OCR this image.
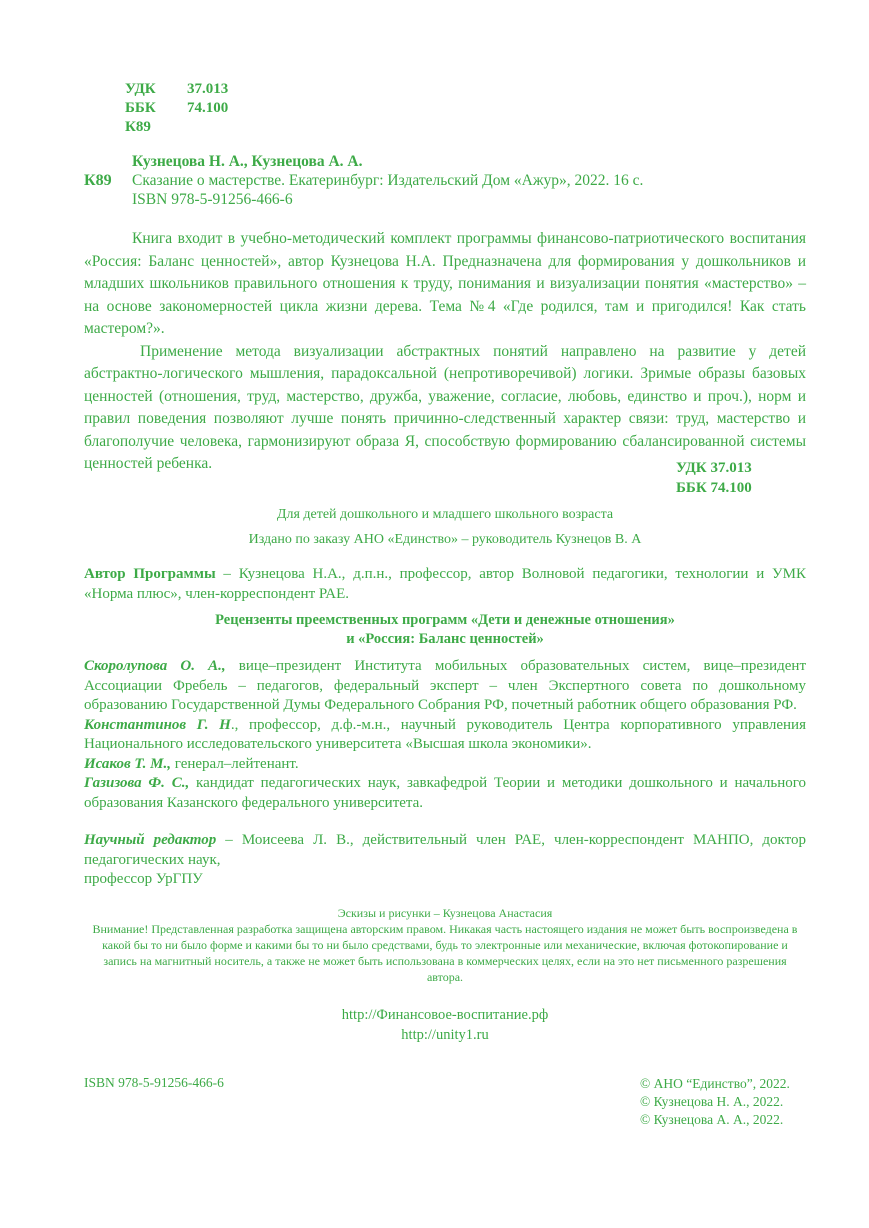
УДК	37.013
ББК	74.100
К89
Кузнецова Н. А., Кузнецова А. А.
К89 Сказание о мастерстве. Екатеринбург: Издательский Дом «Ажур», 2022. 16 с.
ISBN 978-5-91256-466-6

Книга входит в учебно-методический комплект программы финансово-патриотического воспитания «Россия: Баланс ценностей», автор Кузнецова Н.А. Предназначена для формирования у дошкольников и младших школьников правильного отношения к труду, понимания и визуализации понятия «мастерство» – на основе закономерностей цикла жизни дерева. Тема №4 «Где родился, там и пригодился! Как стать мастером?».

Применение метода визуализации абстрактных понятий направлено на развитие у детей абстрактно-логического мышления, парадоксальной (непротиворечивой) логики. Зримые образы базовых ценностей (отношения, труд, мастерство, дружба, уважение, согласие, любовь, единство и проч.), норм и правил поведения позволяют лучше понять причинно-следственный характер связи: труд, мастерство и благополучие человека, гармонизируют образа Я, способствую формированию сбалансированной системы ценностей ребенка.	УДК 37.013
ББК 74.100
Для детей дошкольного и младшего школьного возраста
Издано по заказу АНО «Единство» – руководитель Кузнецов В. А

Автор Программы – Кузнецова Н.А., д.п.н., профессор, автор Волновой педагогики, технологии и УМК «Норма плюс», член-корреспондент РАЕ.

Рецензенты преемственных программ «Дети и денежные отношения»
и «Россия: Баланс ценностей»

Скоролупова О. А., вице–президент Института мобильных образовательных систем, вице–президент Ассоциации Фребель – педагогов, федеральный эксперт – член Экспертного совета по дошкольному образованию Государственной Думы Федерального Собрания РФ, почетный работник общего образования РФ.

Константинов Г. Н., профессор, д.ф.-м.н., научный руководитель Центра корпоративного управления Национального исследовательского университета «Высшая школа экономики».

Исаков Т. М., генерал–лейтенант.

Газизова Ф. С., кандидат педагогических наук, завкафедрой Теории и методики дошкольного и начального образования Казанского федерального университета.

Научный редактор – Моисеева Л. В., действительный член РАЕ, член-корреспондент МАНПО, доктор педагогических наук,

профессор УрГПУ

Эскизы и рисунки – Кузнецова Анастасия
Внимание! Представленная разработка защищена авторским правом. Никакая часть настоящего издания не может быть воспроизведена в какой бы то ни было форме и какими бы то ни было средствами, будь то электронные или механические, включая фотокопирование и запись на магнитный носитель, а также не может быть использована в коммерческих целях, если на это нет письменного разрешения автора.
http://Финансовое-воспитание.рф
http://unity1.ru
ISBN 978-5-91256-466-6	© АНО “Единство”, 2022.
© Кузнецова Н. А., 2022.
© Кузнецова А. А., 2022.
